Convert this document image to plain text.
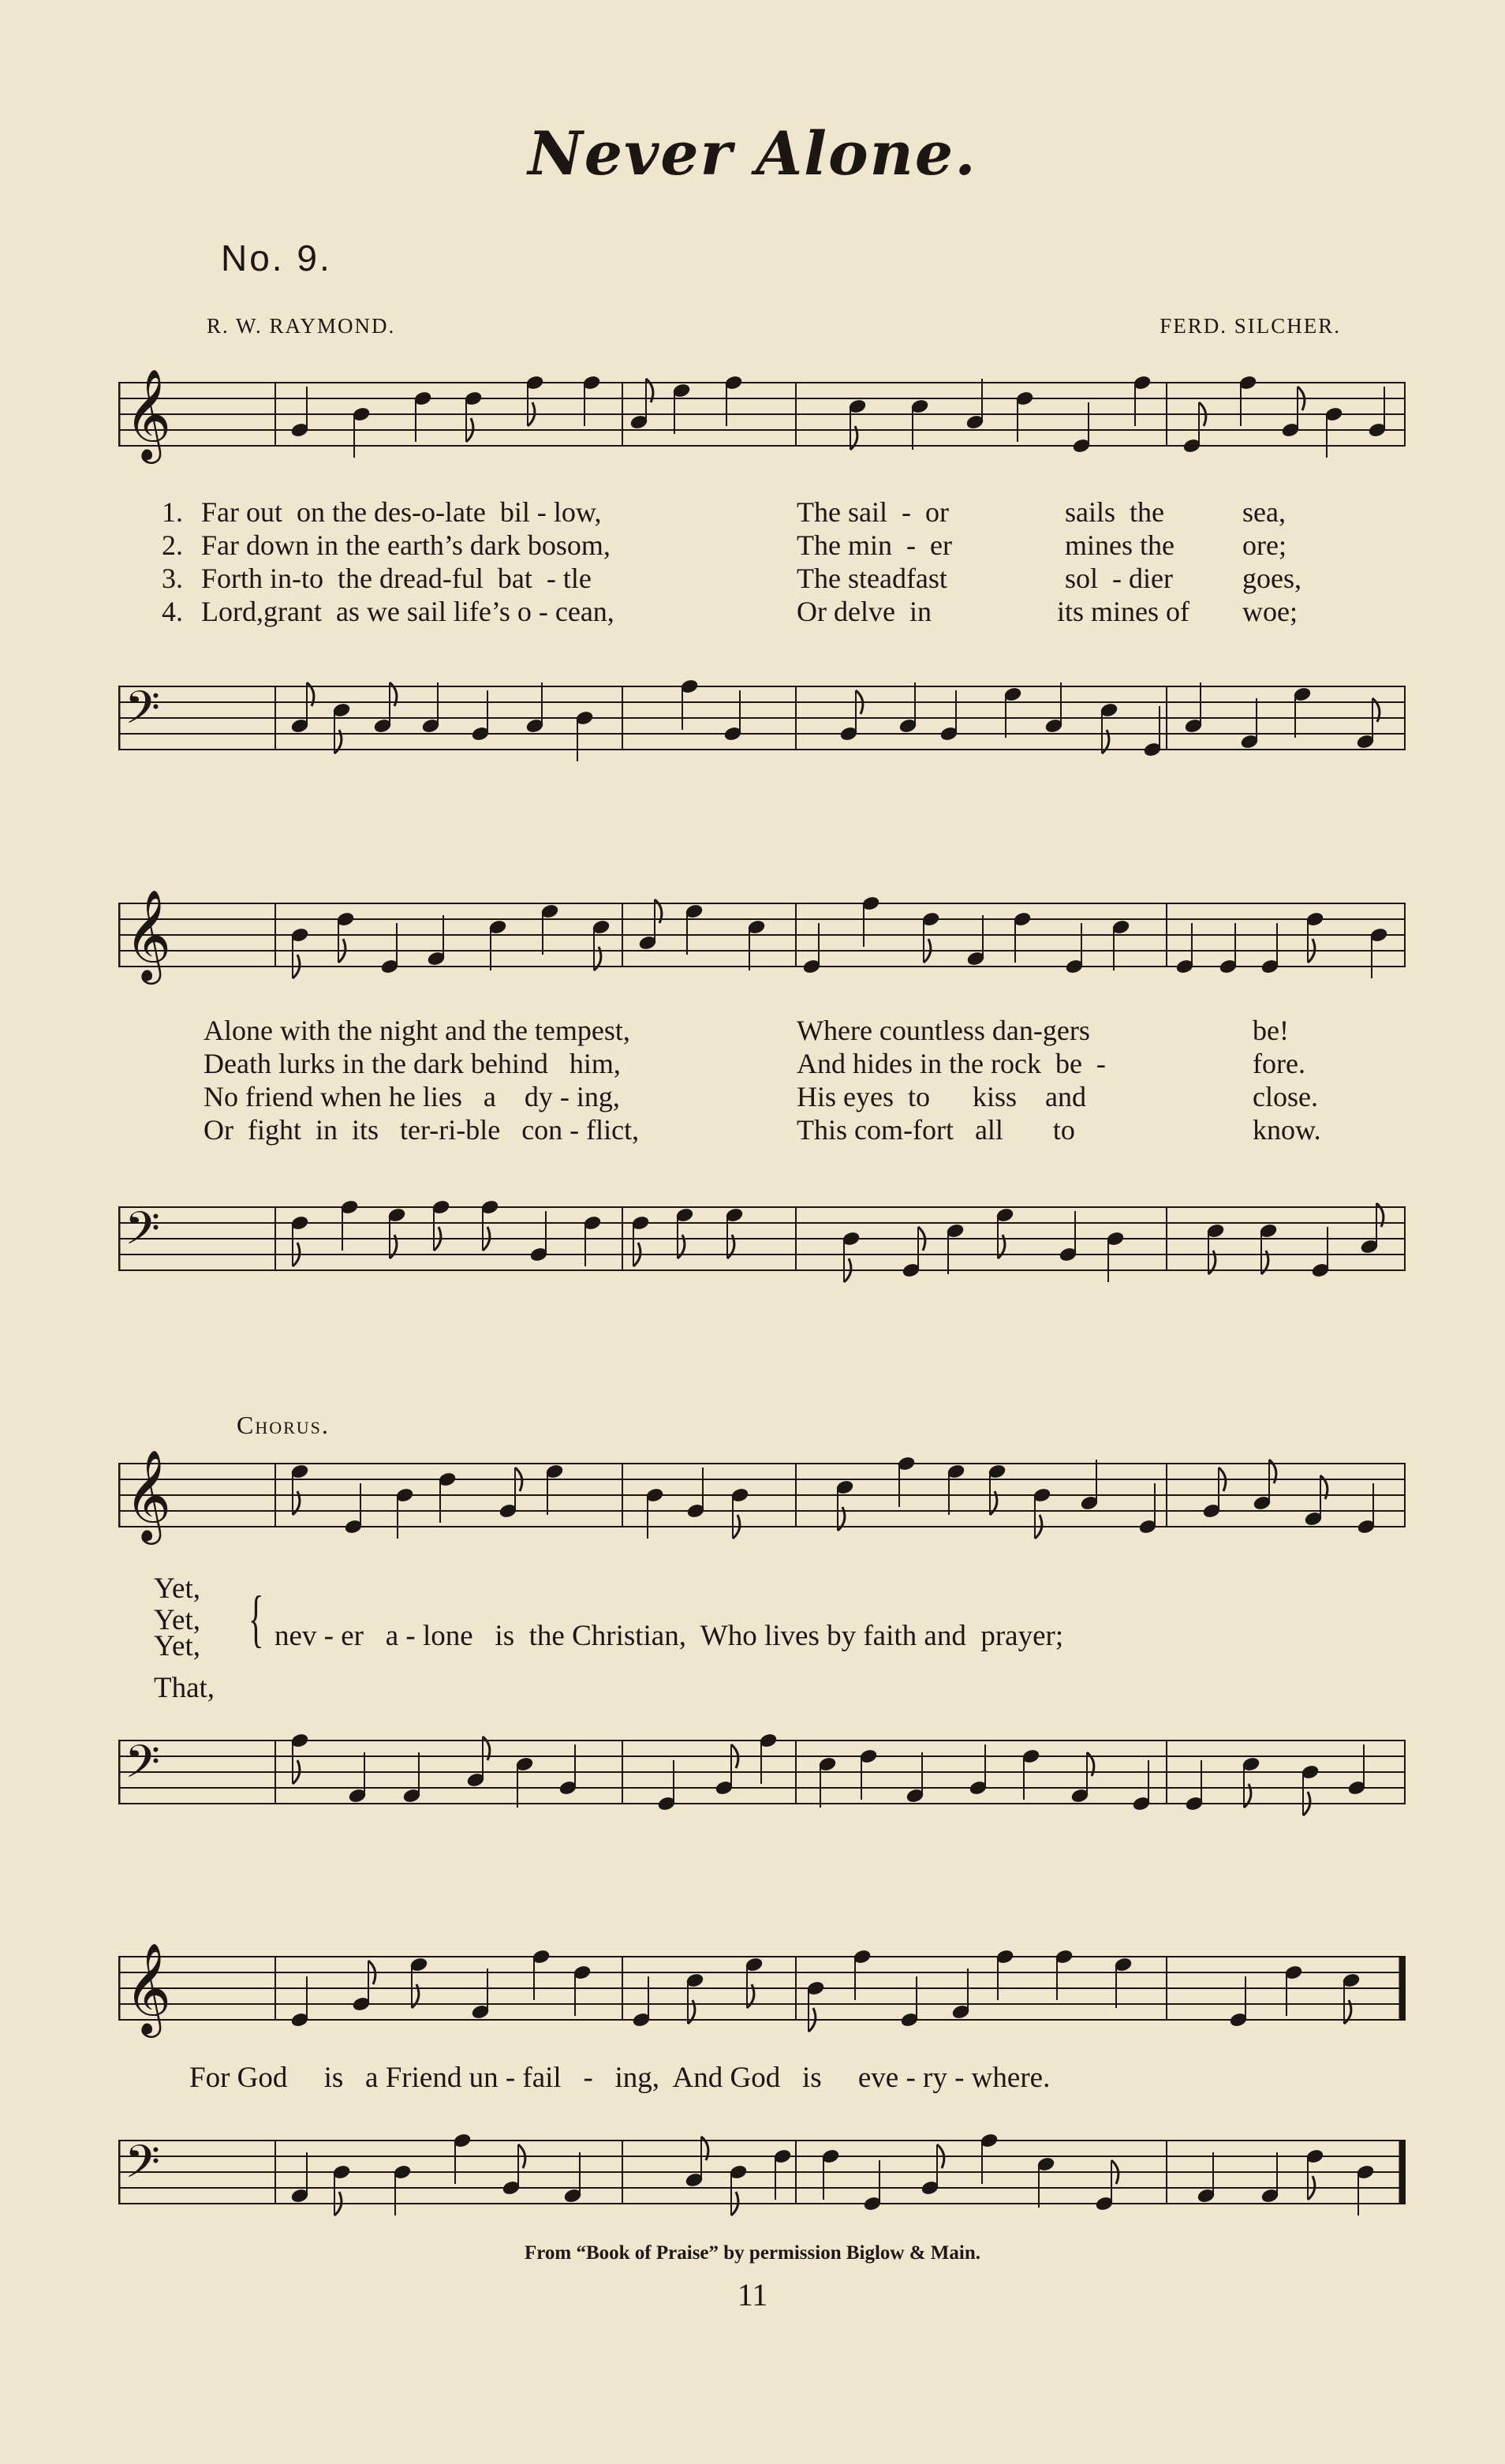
Never Alone.
No. 9.
R. W. RAYMOND.	FERD. SILCHER.
𝄞
1. Far out  on the des-o-late  bil - low,	The sail  -  or	sails  the	sea,
2. Far down in the earth’s dark bosom,	The min  -  er	mines the ore;
3. Forth in-to  the dread-ful  bat  - tle	The steadfast	sol  - dier goes,
4. Lord,grant  as we sail life’s o - cean,	Or delve  in	its mines of woe;
𝄢
𝄞
Alone with the night and the tempest,	Where countless dan-gers	be!
Death lurks in the dark behind   him,	And hides in the rock  be  -	fore.
No friend when he lies   a    dy - ing,	His eyes  to      kiss    and	close.
Or  fight  in  its   ter-ri-ble   con - flict,	This com-fort   all       to	know.
𝄢
Chorus.
𝄞
Yet,
Yet,
Yet,
That,
{ nev - er   a - lone   is  the Christian,  Who lives by faith and  prayer;
𝄢
𝄞
For God     is   a Friend un - fail   -   ing,  And God   is     eve - ry - where.
𝄢
From “Book of Praise” by permission Biglow & Main.
11
